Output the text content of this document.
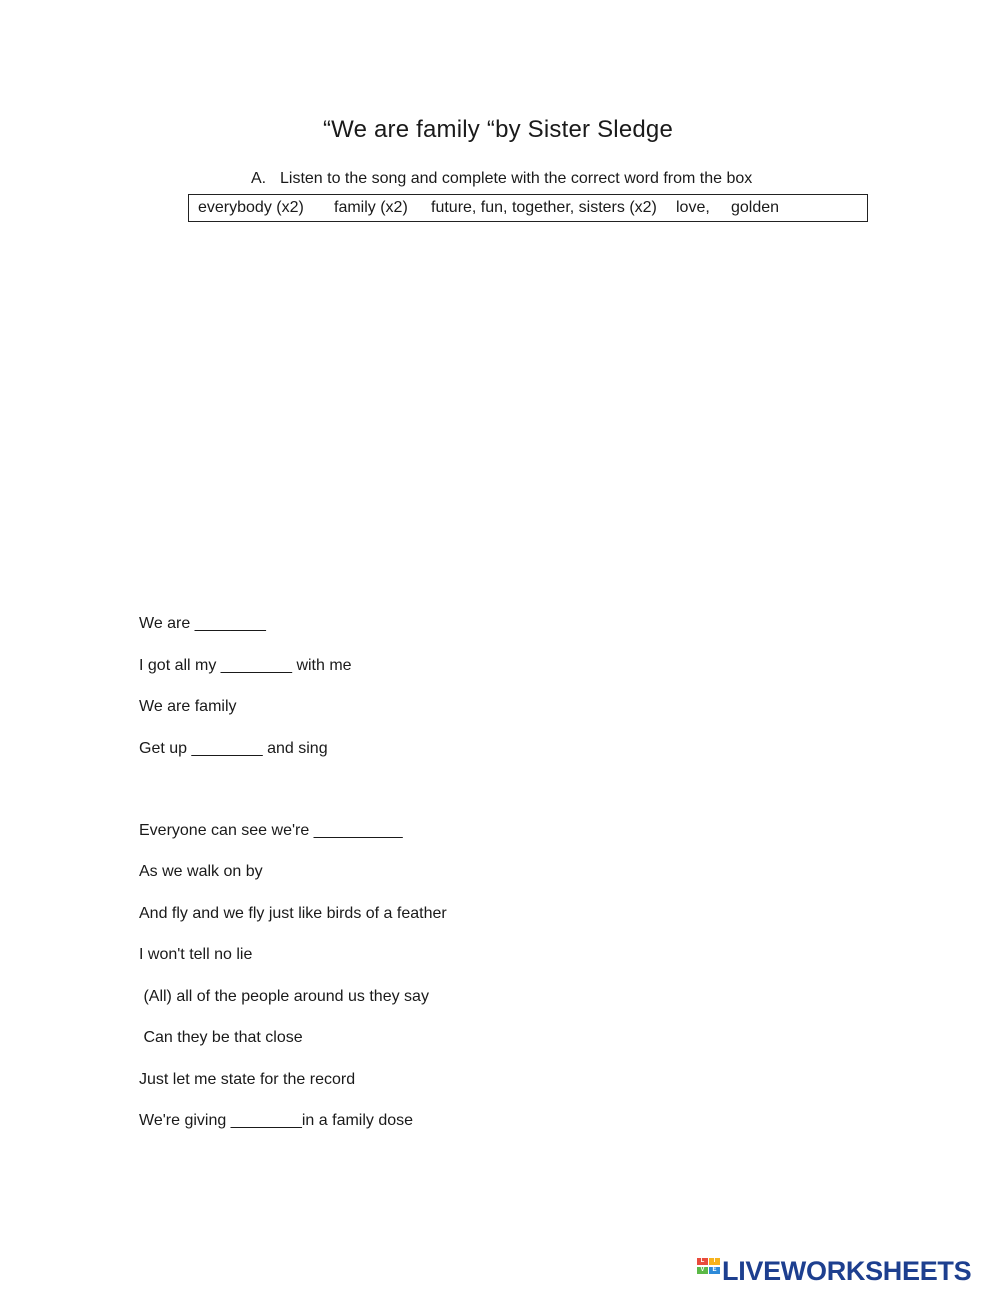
“We are family “by Sister Sledge
A. Listen to the song and complete with the correct word from the box
everybody (x2) family (x2) future, fun, together, sisters (x2) love, golden
We are ________
I got all my ________ with me
We are family
Get up ________ and sing
Everyone can see we're __________
As we walk on by
And fly and we fly just like birds of a feather
I won't tell no lie
(All) all of the people around us they say
Can they be that close
Just let me state for the record
We're giving ________in a family dose
L	I
V	E LIVEWORKSHEETS
